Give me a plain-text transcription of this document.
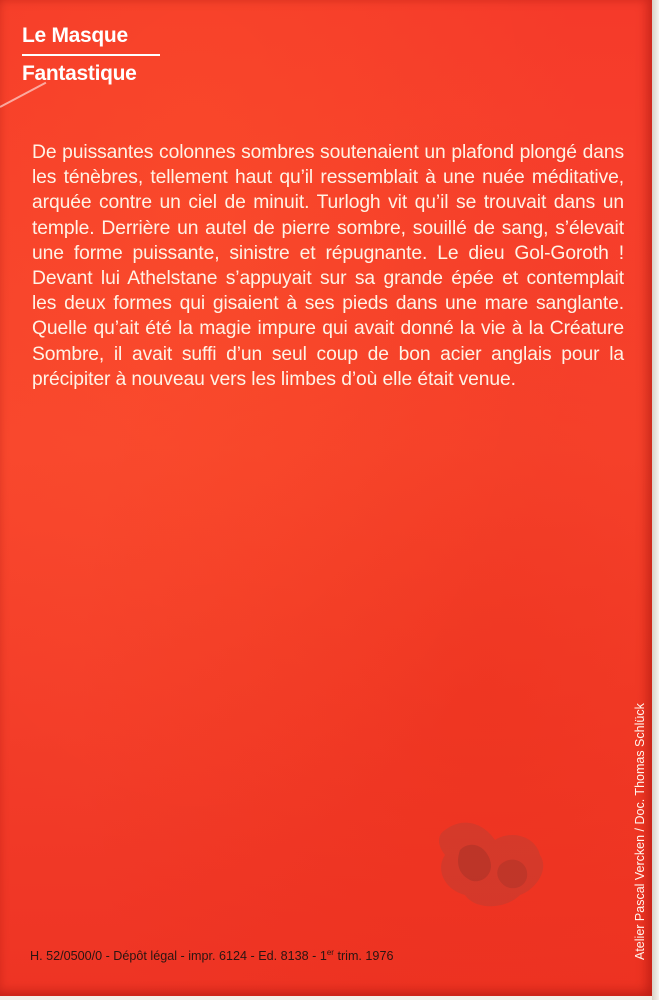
Le Masque
Fantastique

De puissantes colonnes sombres soutenaient un plafond plongé dans les ténèbres, tellement haut qu’il ressemblait à une nuée méditative, arquée contre un ciel de minuit. Turlogh vit qu’il se trouvait dans un temple. Derrière un autel de pierre sombre, souillé de sang, s’élevait une forme puissante, sinistre et répugnante. Le dieu Gol-Goroth ! Devant lui Athelstane s’appuyait sur sa grande épée et contemplait les deux formes qui gisaient à ses pieds dans une mare sanglante. Quelle qu’ait été la magie impure qui avait donné la vie à la Créature Sombre, il avait suffi d’un seul coup de bon acier anglais pour la précipiter à nouveau vers les limbes d’où elle était venue.

Atelier Pascal Vercken / Doc. Thomas Schlück
H. 52/0500/0 - Dépôt légal - impr. 6124 - Ed. 8138 - 1er trim. 1976
